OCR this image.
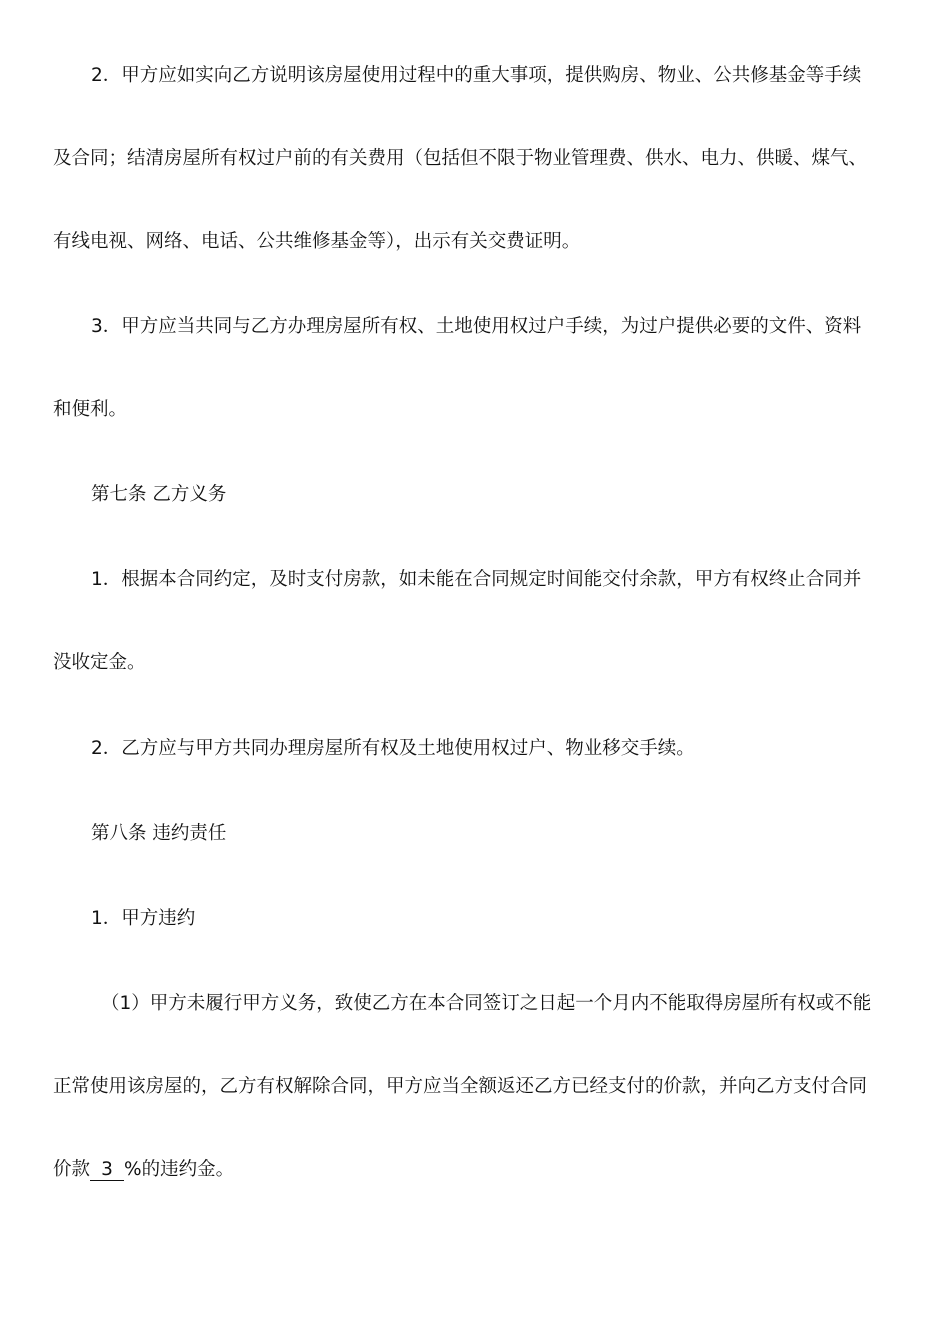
2．甲方应如实向乙方说明该房屋使用过程中的重大事项，提供购房、物业、公共修基金等手续
及合同；结清房屋所有权过户前的有关费用（包括但不限于物业管理费、供水、电力、供暖、煤气、
有线电视、网络、电话、公共维修基金等），出示有关交费证明。
3．甲方应当共同与乙方办理房屋所有权、土地使用权过户手续，为过户提供必要的文件、资料
和便利。
第七条 乙方义务
1．根据本合同约定，及时支付房款，如未能在合同规定时间能交付余款，甲方有权终止合同并
没收定金。
2．乙方应与甲方共同办理房屋所有权及土地使用权过户、物业移交手续。
第八条 违约责任
1．甲方违约
（1）甲方未履行甲方义务，致使乙方在本合同签订之日起一个月内不能取得房屋所有权或不能
正常使用该房屋的，乙方有权解除合同，甲方应当全额返还乙方已经支付的价款，并向乙方支付合同
价款 3 %的违约金。
